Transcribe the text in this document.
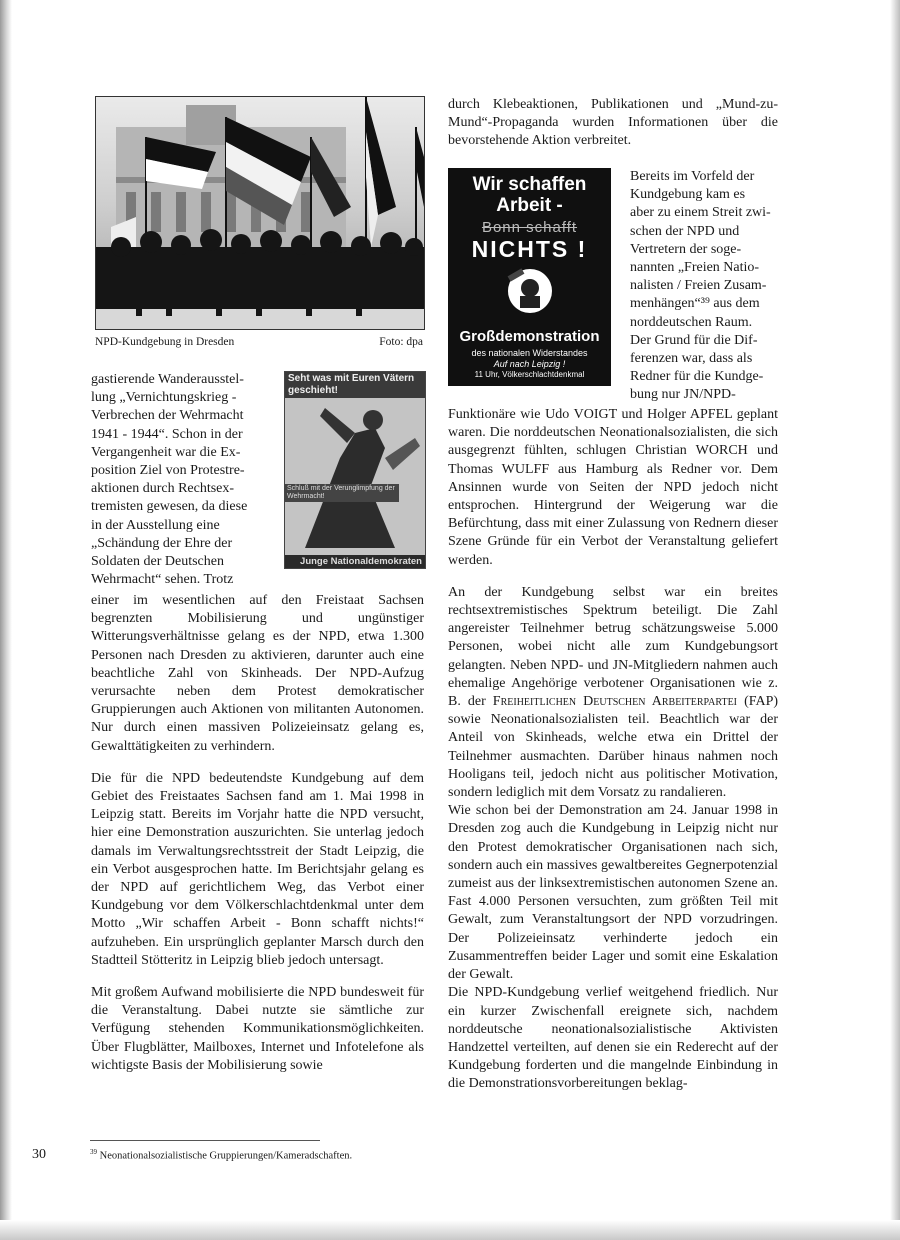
NPD-Kundgebung in Dresden	Foto: dpa
Wir schaffen Arbeit -
Bonn schafft
NICHTS !
Großdemonstration
des nationalen Widerstandes
Auf nach Leipzig !
11 Uhr, Völkerschlachtdenkmal
Seht was mit Euren Vätern geschieht!
Schluß mit der Verunglimpfung der Wehrmacht!
Junge Nationaldemokraten

gastierende Wanderausstel-

lung „Vernichtungskrieg -

Verbrechen der Wehrmacht

1941 - 1944“. Schon in der

Vergangenheit war die Ex-

position Ziel von Protestre-

aktionen durch Rechtsex-

tremisten gewesen, da diese

in der Ausstellung eine

„Schändung der Ehre der

Soldaten der Deutschen

Wehrmacht“ sehen. Trotz

einer im wesentlichen auf den Freistaat Sachsen begrenzten Mobilisierung und ungünstiger Witterungsverhältnisse gelang es der NPD, etwa 1.300 Personen nach Dresden zu aktivieren, darunter auch eine beachtliche Zahl von Skinheads. Der NPD-Aufzug verursachte neben dem Protest demokratischer Gruppierungen auch Aktionen von militanten Autonomen. Nur durch einen massiven Polizeieinsatz gelang es, Gewalttätigkeiten zu verhindern.

Die für die NPD bedeutendste Kundgebung auf dem Gebiet des Freistaates Sachsen fand am 1. Mai 1998 in Leipzig statt. Bereits im Vorjahr hatte die NPD versucht, hier eine Demonstration auszurichten. Sie unterlag jedoch damals im Verwaltungsrechtsstreit der Stadt Leipzig, die ein Verbot ausgesprochen hatte. Im Berichtsjahr gelang es der NPD auf gerichtlichem Weg, das Verbot einer Kundgebung vor dem Völkerschlachtdenkmal unter dem Motto „Wir schaffen Arbeit - Bonn schafft nichts!“ aufzuheben. Ein ursprünglich geplanter Marsch durch den Stadtteil Stötteritz in Leipzig blieb jedoch untersagt.

Mit großem Aufwand mobilisierte die NPD bundesweit für die Veranstaltung. Dabei nutzte sie sämtliche zur Verfügung stehenden Kommunikationsmöglichkeiten. Über Flugblätter, Mailboxes, Internet und Infotelefone als wichtigste Basis der Mobilisierung sowie

durch Klebeaktionen, Publikationen und „Mund-zu-Mund“-Propaganda wurden Informationen über die bevorstehende Aktion verbreitet.

Bereits im Vorfeld der

Kundgebung kam es

aber zu einem Streit zwi-

schen der NPD und

Vertretern der soge-

nannten „Freien Natio-

nalisten / Freien Zusam-

menhängen“³⁹ aus dem

norddeutschen Raum.

Der Grund für die Dif-

ferenzen war, dass als

Redner für die Kundge-

bung nur JN/NPD-

Funktionäre wie Udo VOIGT und Holger APFEL geplant waren. Die norddeutschen Neonationalsozialisten, die sich ausgegrenzt fühlten, schlugen Christian WORCH und Thomas WULFF aus Hamburg als Redner vor. Dem Ansinnen wurde von Seiten der NPD jedoch nicht entsprochen. Hintergrund der Weigerung war die Befürchtung, dass mit einer Zulassung von Rednern dieser Szene Gründe für ein Verbot der Veranstaltung geliefert werden.

An der Kundgebung selbst war ein breites rechtsextremistisches Spektrum beteiligt. Die Zahl angereister Teilnehmer betrug schätzungsweise 5.000 Personen, wobei nicht alle zum Kundgebungsort gelangten. Neben NPD- und JN-Mitgliedern nahmen auch ehemalige Angehörige verbotener Organisationen wie z. B. der Freiheitlichen Deutschen Arbeiterpartei (FAP) sowie Neonationalsozialisten teil. Beachtlich war der Anteil von Skinheads, welche etwa ein Drittel der Teilnehmer ausmachten. Darüber hinaus nahmen noch Hooligans teil, jedoch nicht aus politischer Motivation, sondern lediglich mit dem Vorsatz zu randalieren.

Wie schon bei der Demonstration am 24. Januar 1998 in Dresden zog auch die Kundgebung in Leipzig nicht nur den Protest demokratischer Organisationen nach sich, sondern auch ein massives gewaltbereites Gegnerpotenzial zumeist aus der linksextremistischen autonomen Szene an. Fast 4.000 Personen versuchten, zum größten Teil mit Gewalt, zum Veranstaltungsort der NPD vorzudringen. Der Polizeieinsatz verhinderte jedoch ein Zusammentreffen beider Lager und somit eine Eskalation der Gewalt.

Die NPD-Kundgebung verlief weitgehend friedlich. Nur ein kurzer Zwischenfall ereignete sich, nachdem norddeutsche neonationalsozialistische Aktivisten Handzettel verteilten, auf denen sie ein Rederecht auf der Kundgebung forderten und die mangelnde Einbindung in die Demonstrationsvorbereitungen beklag-

30	$^{39}$ Neonationalsozialistische Gruppierungen/Kameradschaften.
